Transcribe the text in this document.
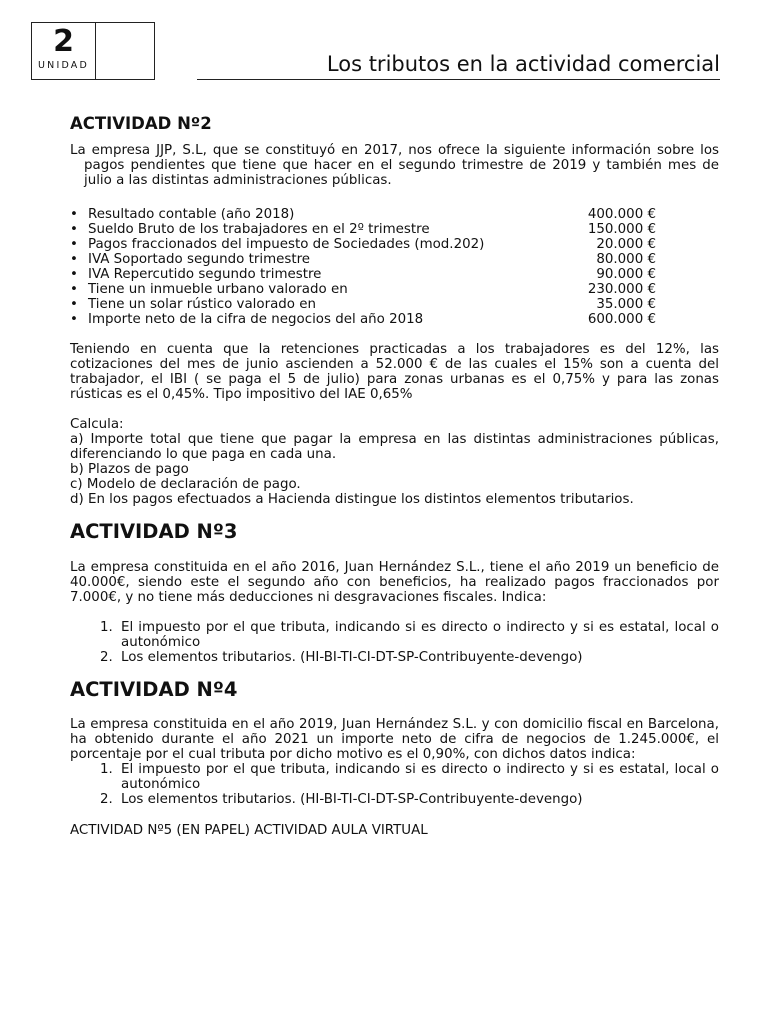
2
UNIDAD	Los tributos en la actividad comercial
ACTIVIDAD Nº2

La empresa JJP, S.L, que se constituyó en 2017, nos ofrece la siguiente información sobre los pagos pendientes que tiene que hacer en el segundo trimestre de 2019 y también mes de julio a las distintas administraciones públicas.

• Resultado contable (año 2018)	400.000 €
• Sueldo Bruto de los trabajadores en el 2º trimestre	150.000 €
• Pagos fraccionados del impuesto de Sociedades (mod.202)	20.000 €
• IVA Soportado segundo trimestre	80.000 €
• IVA Repercutido segundo trimestre	90.000 €
• Tiene un inmueble urbano valorado en	230.000 €
• Tiene un solar rústico valorado en	35.000 €
• Importe neto de la cifra de negocios del año 2018	600.000 €

Teniendo en cuenta que la retenciones practicadas a los trabajadores es del 12%, las cotizaciones del mes de junio ascienden a 52.000 € de las cuales el 15% son a cuenta del trabajador, el IBI ( se paga el 5 de julio) para zonas urbanas es el 0,75% y para las zonas rústicas es el 0,45%. Tipo impositivo del IAE 0,65%

Calcula:

a) Importe total que tiene que pagar la empresa en las distintas administraciones públicas, diferenciando lo que paga en cada una.

b) Plazos de pago

c) Modelo de declaración de pago.

d) En los pagos efectuados a Hacienda distingue los distintos elementos tributarios.

ACTIVIDAD Nº3

La empresa constituida en el año 2016, Juan Hernández S.L., tiene el año 2019 un beneficio de 40.000€, siendo este el segundo año con beneficios, ha realizado pagos fraccionados por 7.000€, y no tiene más deducciones ni desgravaciones fiscales. Indica:

1. El impuesto por el que tributa, indicando si es directo o indirecto y si es estatal, local o autonómico
2. Los elementos tributarios. (HI-BI-TI-CI-DT-SP-Contribuyente-devengo)
ACTIVIDAD Nº4

La empresa constituida en el año 2019, Juan Hernández S.L. y con domicilio fiscal en Barcelona, ha obtenido durante el año 2021 un importe neto de cifra de negocios de 1.245.000€, el porcentaje por el cual tributa por dicho motivo es el 0,90%, con dichos datos indica:

1. El impuesto por el que tributa, indicando si es directo o indirecto y si es estatal, local o autonómico
2. Los elementos tributarios. (HI-BI-TI-CI-DT-SP-Contribuyente-devengo)

ACTIVIDAD Nº5 (EN PAPEL) ACTIVIDAD AULA VIRTUAL
